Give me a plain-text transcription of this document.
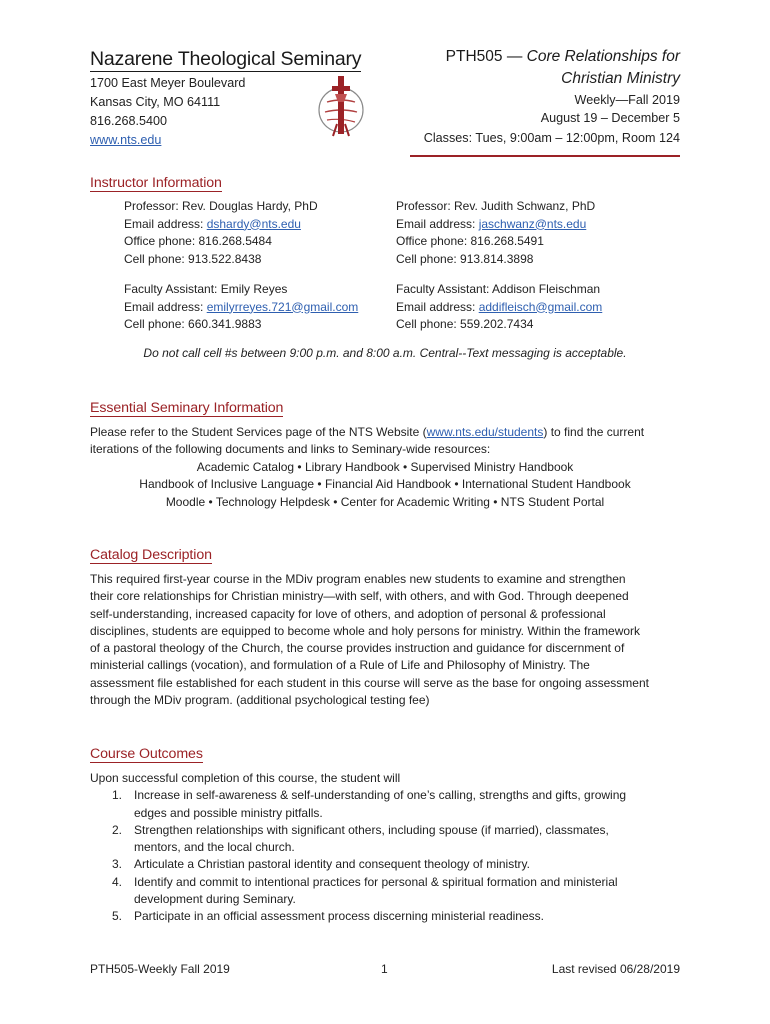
Nazarene Theological Seminary
1700 East Meyer Boulevard
Kansas City, MO 64111
816.268.5400
www.nts.edu
PTH505 — Core Relationships for
Christian Ministry
Weekly—Fall 2019
August 19 – December 5
Classes: Tues, 9:00am – 12:00pm, Room 124
Instructor Information
Professor: Rev. Douglas Hardy, PhD
Email address: dshardy@nts.edu
Office phone: 816.268.5484
Cell phone: 913.522.8438
Professor: Rev. Judith Schwanz, PhD
Email address: jaschwanz@nts.edu
Office phone: 816.268.5491
Cell phone: 913.814.3898
Faculty Assistant: Emily Reyes
Email address: emilyrreyes.721@gmail.com
Cell phone: 660.341.9883
Faculty Assistant: Addison Fleischman
Email address: addifleisch@gmail.com
Cell phone: 559.202.7434
Do not call cell #s between 9:00 p.m. and 8:00 a.m. Central--Text messaging is acceptable.
Essential Seminary Information
Please refer to the Student Services page of the NTS Website (www.nts.edu/students) to find the current
iterations of the following documents and links to Seminary-wide resources:
Academic Catalog • Library Handbook • Supervised Ministry Handbook
Handbook of Inclusive Language • Financial Aid Handbook • International Student Handbook
Moodle • Technology Helpdesk • Center for Academic Writing • NTS Student Portal
Catalog Description
This required first-year course in the MDiv program enables new students to examine and strengthen
their core relationships for Christian ministry—with self, with others, and with God. Through deepened
self-understanding, increased capacity for love of others, and adoption of personal & professional
disciplines, students are equipped to become whole and holy persons for ministry. Within the framework
of a pastoral theology of the Church, the course provides instruction and guidance for discernment of
ministerial callings (vocation), and formulation of a Rule of Life and Philosophy of Ministry. The
assessment file established for each student in this course will serve as the base for ongoing assessment
through the MDiv program. (additional psychological testing fee)
Course Outcomes
Upon successful completion of this course, the student will
1. Increase in self-awareness & self-understanding of one’s calling, strengths and gifts, growing
edges and possible ministry pitfalls.
2. Strengthen relationships with significant others, including spouse (if married), classmates,
mentors, and the local church.
3. Articulate a Christian pastoral identity and consequent theology of ministry.
4. Identify and commit to intentional practices for personal & spiritual formation and ministerial
development during Seminary.
5. Participate in an official assessment process discerning ministerial readiness.
PTH505-Weekly Fall 2019	1	Last revised 06/28/2019
